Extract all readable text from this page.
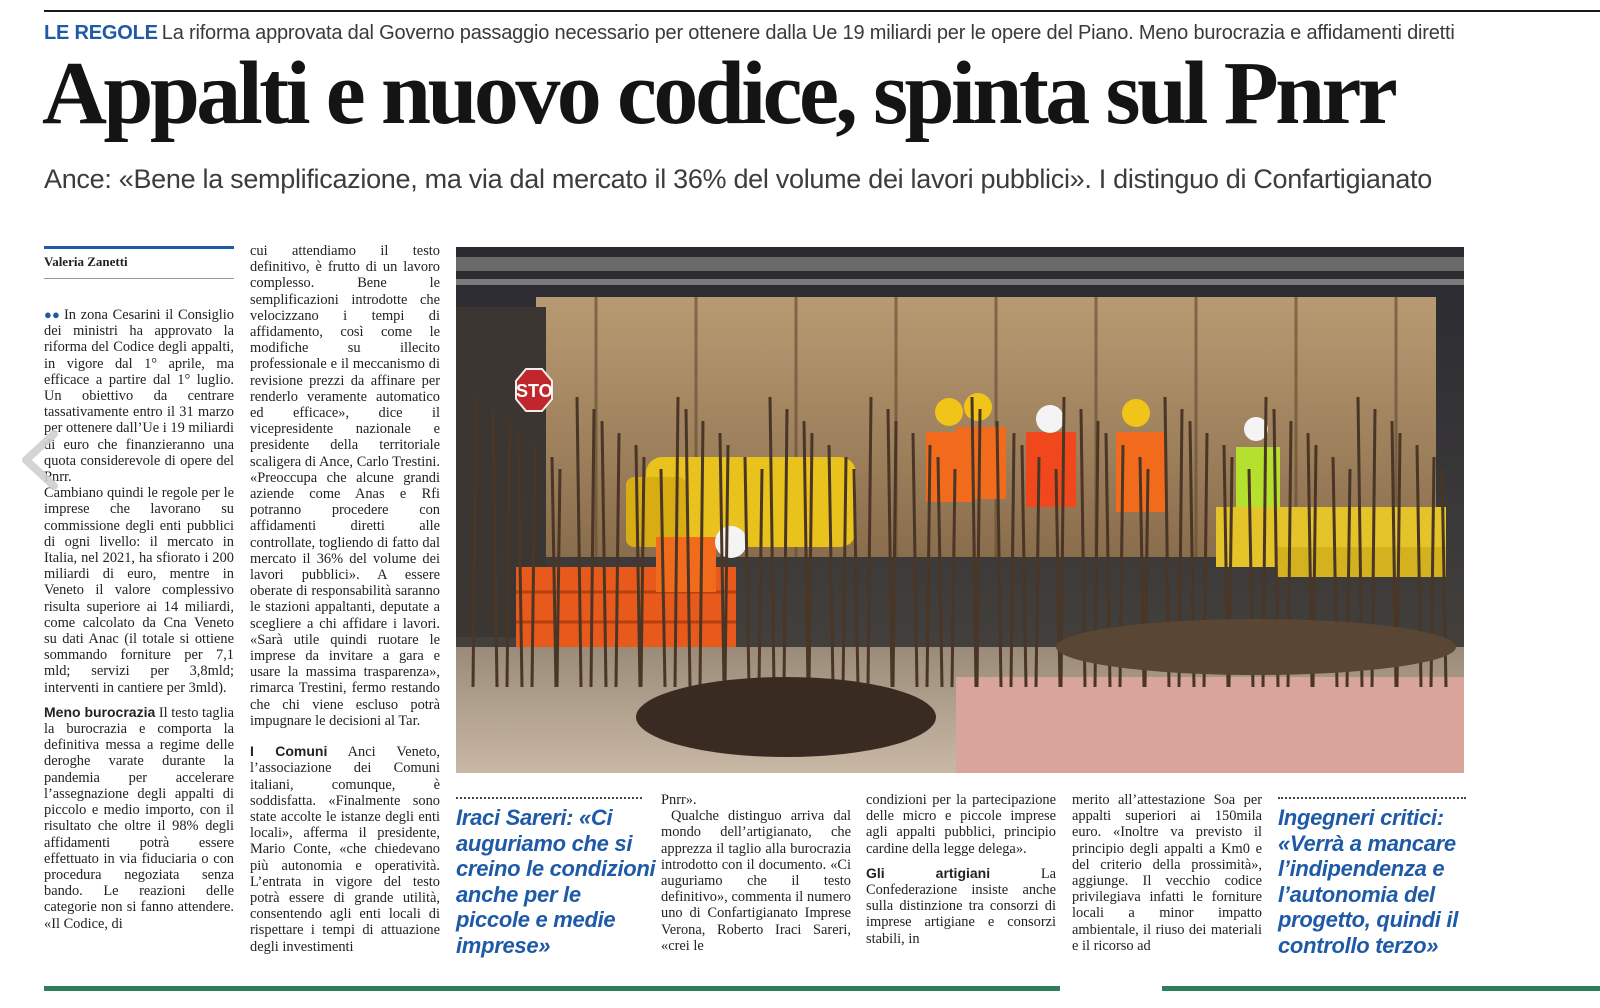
LE REGOLE La riforma approvata dal Governo passaggio necessario per ottenere dalla Ue 19 miliardi per le opere del Piano. Meno burocrazia e affidamenti diretti
Appalti e nuovo codice, spinta sul Pnrr
Ance: «Bene la semplificazione, ma via dal mercato il 36% del volume dei lavori pubblici». I distinguo di Confartigianato
Valeria Zanetti

●● In zona Cesarini il Consiglio dei ministri ha approvato la riforma del Codice degli appalti, in vigore dal 1° aprile, ma efficace a partire dal 1° luglio. Un obiettivo da centrare tassativamente entro il 31 marzo per ottenere dall’Ue i 19 miliardi di euro che finanzieranno una quota considerevole di opere del Pnrr.

Cambiano quindi le regole per le imprese che lavorano su commissione degli enti pubblici di ogni livello: il mercato in Italia, nel 2021, ha sfiorato i 200 miliardi di euro, mentre in Veneto il valore complessivo risulta superiore ai 14 miliardi, come calcolato da Cna Veneto su dati Anac (il totale si ottiene sommando forniture per 7,1 mld; servizi per 3,8mld; interventi in cantiere per 3mld).

Meno burocrazia Il testo taglia la burocrazia e comporta la definitiva messa a regime delle deroghe varate durante la pandemia per accelerare l’assegnazione degli appalti di piccolo e medio importo, con il risultato che oltre il 98% degli affidamenti potrà essere effettuato in via fiduciaria o con procedura negoziata senza bando. Le reazioni delle categorie non si fanno attendere. «Il Codice, di

cui attendiamo il testo definitivo, è frutto di un lavoro complesso. Bene le semplificazioni introdotte che velocizzano i tempi di affidamento, così come le modifiche su illecito professionale e il meccanismo di revisione prezzi da affinare per renderlo veramente automatico ed efficace», dice il vicepresidente nazionale e presidente della territoriale scaligera di Ance, Carlo Trestini. «Preoccupa che alcune grandi aziende come Anas e Rfi potranno procedere con affidamenti diretti alle controllate, togliendo di fatto dal mercato il 36% del volume dei lavori pubblici». A essere oberate di responsabilità saranno le stazioni appaltanti, deputate a scegliere a chi affidare i lavori. «Sarà utile quindi ruotare le imprese da invitare a gara e usare la massima trasparenza», rimarca Trestini, fermo restando che chi viene escluso potrà impugnare le decisioni al Tar.

I Comuni Anci Veneto, l’associazione dei Comuni italiani, comunque, è soddisfatta. «Finalmente sono state accolte le istanze degli enti locali», afferma il presidente, Mario Conte, «che chiedevano più autonomia e operatività. L’entrata in vigore del testo potrà essere di grande utilità, consentendo agli enti locali di rispettare i tempi di attuazione degli investimenti

STO
Iraci Sareri: «Ci auguriamo che si creino le condizioni anche per le piccole e medie imprese»

Pnrr».

Qualche distinguo arriva dal mondo dell’artigianato, che apprezza il taglio alla burocrazia introdotto con il documento. «Ci auguriamo che il testo definitivo», commenta il numero uno di Confartigianato Imprese Verona, Roberto Iraci Sareri, «crei le

condizioni per la partecipazione delle micro e piccole imprese agli appalti pubblici, principio cardine della legge delega».

Gli artigiani	La Confederazione insiste anche sulla distinzione tra consorzi di imprese artigiane e consorzi stabili, in

merito all’attestazione Soa per appalti superiori ai 150mila euro. «Inoltre va previsto il principio degli appalti a Km0 e del criterio della prossimità», aggiunge. Il vecchio codice privilegiava infatti le forniture locali a minor impatto ambientale, il riuso dei materiali e il ricorso ad

Ingegneri critici: «Verrà a mancare l’indipendenza e l’autonomia del progetto, quindi il controllo terzo»
